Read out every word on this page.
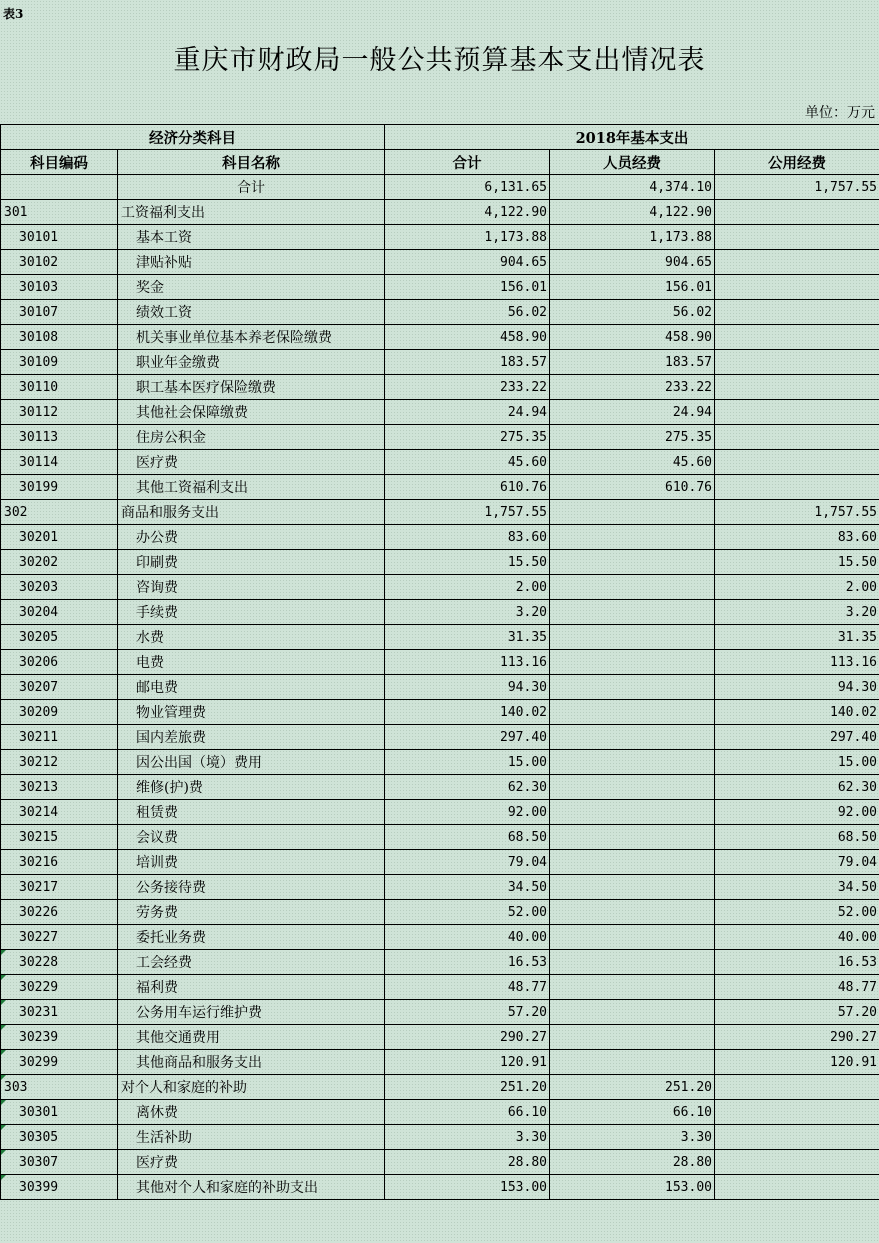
表3
重庆市财政局一般公共预算基本支出情况表
单位：万元
经济分类科目		2018年基本支出		
科目编码	科目名称	合计	人员经费	公用经费
	合计	6,131.65	4,374.10	1,757.55
301	工资福利支出	4,122.90	4,122.90	
30101	基本工资	1,173.88	1,173.88	
30102	津贴补贴	904.65	904.65	
30103	奖金	156.01	156.01	
30107	绩效工资	56.02	56.02	
30108	机关事业单位基本养老保险缴费	458.90	458.90	
30109	职业年金缴费	183.57	183.57	
30110	职工基本医疗保险缴费	233.22	233.22	
30112	其他社会保障缴费	24.94	24.94	
30113	住房公积金	275.35	275.35	
30114	医疗费	45.60	45.60	
30199	其他工资福利支出	610.76	610.76	
302	商品和服务支出	1,757.55		1,757.55
30201	办公费	83.60		83.60
30202	印刷费	15.50		15.50
30203	咨询费	2.00		2.00
30204	手续费	3.20		3.20
30205	水费	31.35		31.35
30206	电费	113.16		113.16
30207	邮电费	94.30		94.30
30209	物业管理费	140.02		140.02
30211	国内差旅费	297.40		297.40
30212	因公出国（境）费用	15.00		15.00
30213	维修(护)费	62.30		62.30
30214	租赁费	92.00		92.00
30215	会议费	68.50		68.50
30216	培训费	79.04		79.04
30217	公务接待费	34.50		34.50
30226	劳务费	52.00		52.00
30227	委托业务费	40.00		40.00
30228	工会经费	16.53		16.53
30229	福利费	48.77		48.77
30231	公务用车运行维护费	57.20		57.20
30239	其他交通费用	290.27		290.27
30299	其他商品和服务支出	120.91		120.91
303	对个人和家庭的补助	251.20	251.20	
30301	离休费	66.10	66.10	
30305	生活补助	3.30	3.30	
30307	医疗费	28.80	28.80	
30399	其他对个人和家庭的补助支出	153.00	153.00	
